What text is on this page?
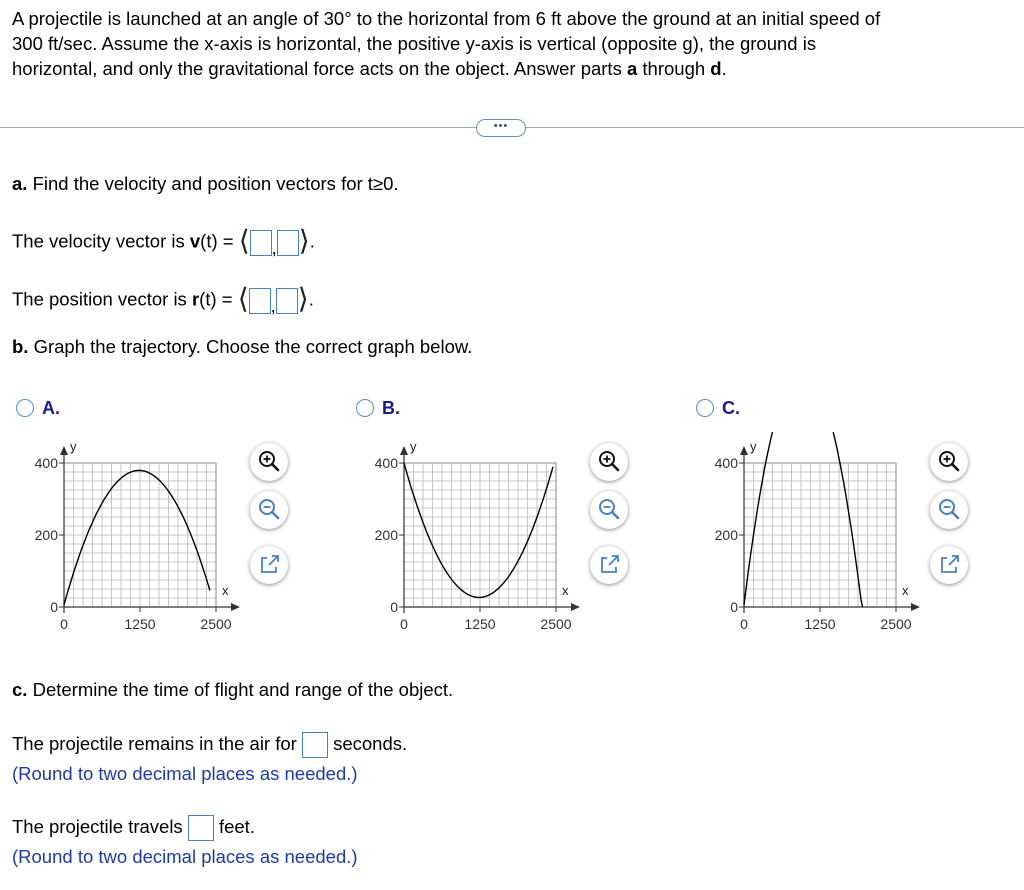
A projectile is launched at an angle of 30° to the horizontal from 6 ft above the ground at an initial speed of
300 ft/sec. Assume the x-axis is horizontal, the positive y-axis is vertical (opposite g), the ground is
horizontal, and only the gravitational force acts on the object. Answer parts a through d.
•••
a. Find the velocity and position vectors for t≥0.
The velocity vector is v(t) = ⟨ , ⟩.
The position vector is r(t) = ⟨ , ⟩.
b. Graph the trajectory. Choose the correct graph below.
A.	B.	C.
y
x
400
200
0
0	1250	2500
y
x
400
200
0
0	1250	2500
y
x
400
200
0
0	1250	2500
c. Determine the time of flight and range of the object.
The projectile remains in the air for seconds.
(Round to two decimal places as needed.)
The projectile travels feet.
(Round to two decimal places as needed.)
